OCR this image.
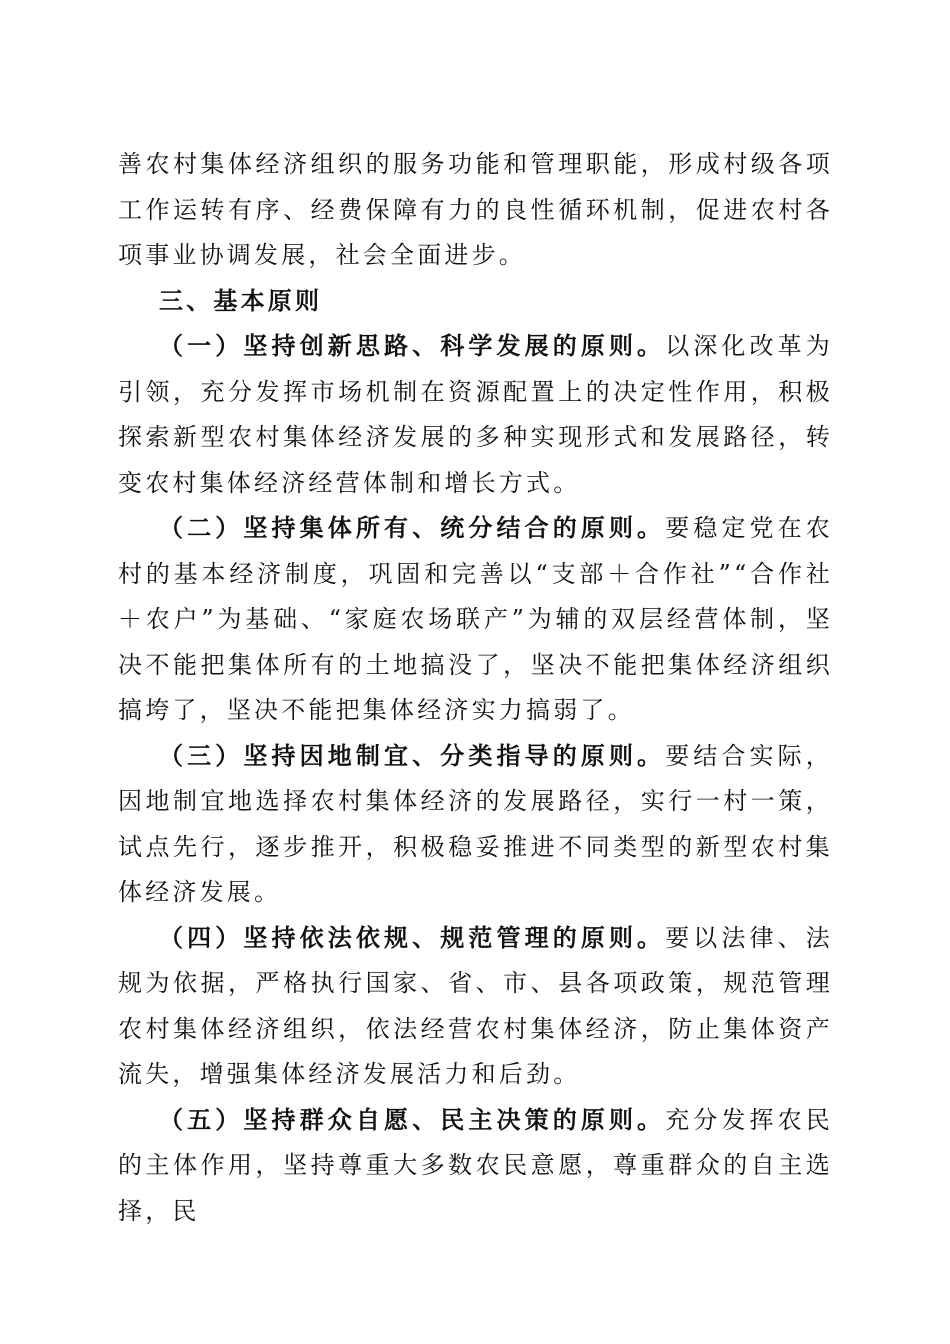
善农村集体经济组织的服务功能和管理职能，形成村级各项工作运转有序、经费保障有力的良性循环机制，促进农村各项事业协调发展，社会全面进步。

三、基本原则

（一）坚持创新思路、科学发展的原则。以深化改革为引领，充分发挥市场机制在资源配置上的决定性作用，积极探索新型农村集体经济发展的多种实现形式和发展路径，转变农村集体经济经营体制和增长方式。

（二）坚持集体所有、统分结合的原则。要稳定党在农村的基本经济制度，巩固和完善以“支部＋合作社”“合作社＋农户”为基础、“家庭农场联产”为辅的双层经营体制，坚决不能把集体所有的土地搞没了，坚决不能把集体经济组织搞垮了，坚决不能把集体经济实力搞弱了。

（三）坚持因地制宜、分类指导的原则。要结合实际，因地制宜地选择农村集体经济的发展路径，实行一村一策，试点先行，逐步推开，积极稳妥推进不同类型的新型农村集体经济发展。

（四）坚持依法依规、规范管理的原则。要以法律、法规为依据，严格执行国家、省、市、县各项政策，规范管理农村集体经济组织，依法经营农村集体经济，防止集体资产流失，增强集体经济发展活力和后劲。

（五）坚持群众自愿、民主决策的原则。充分发挥农民的主体作用，坚持尊重大多数农民意愿，尊重群众的自主选择，民
